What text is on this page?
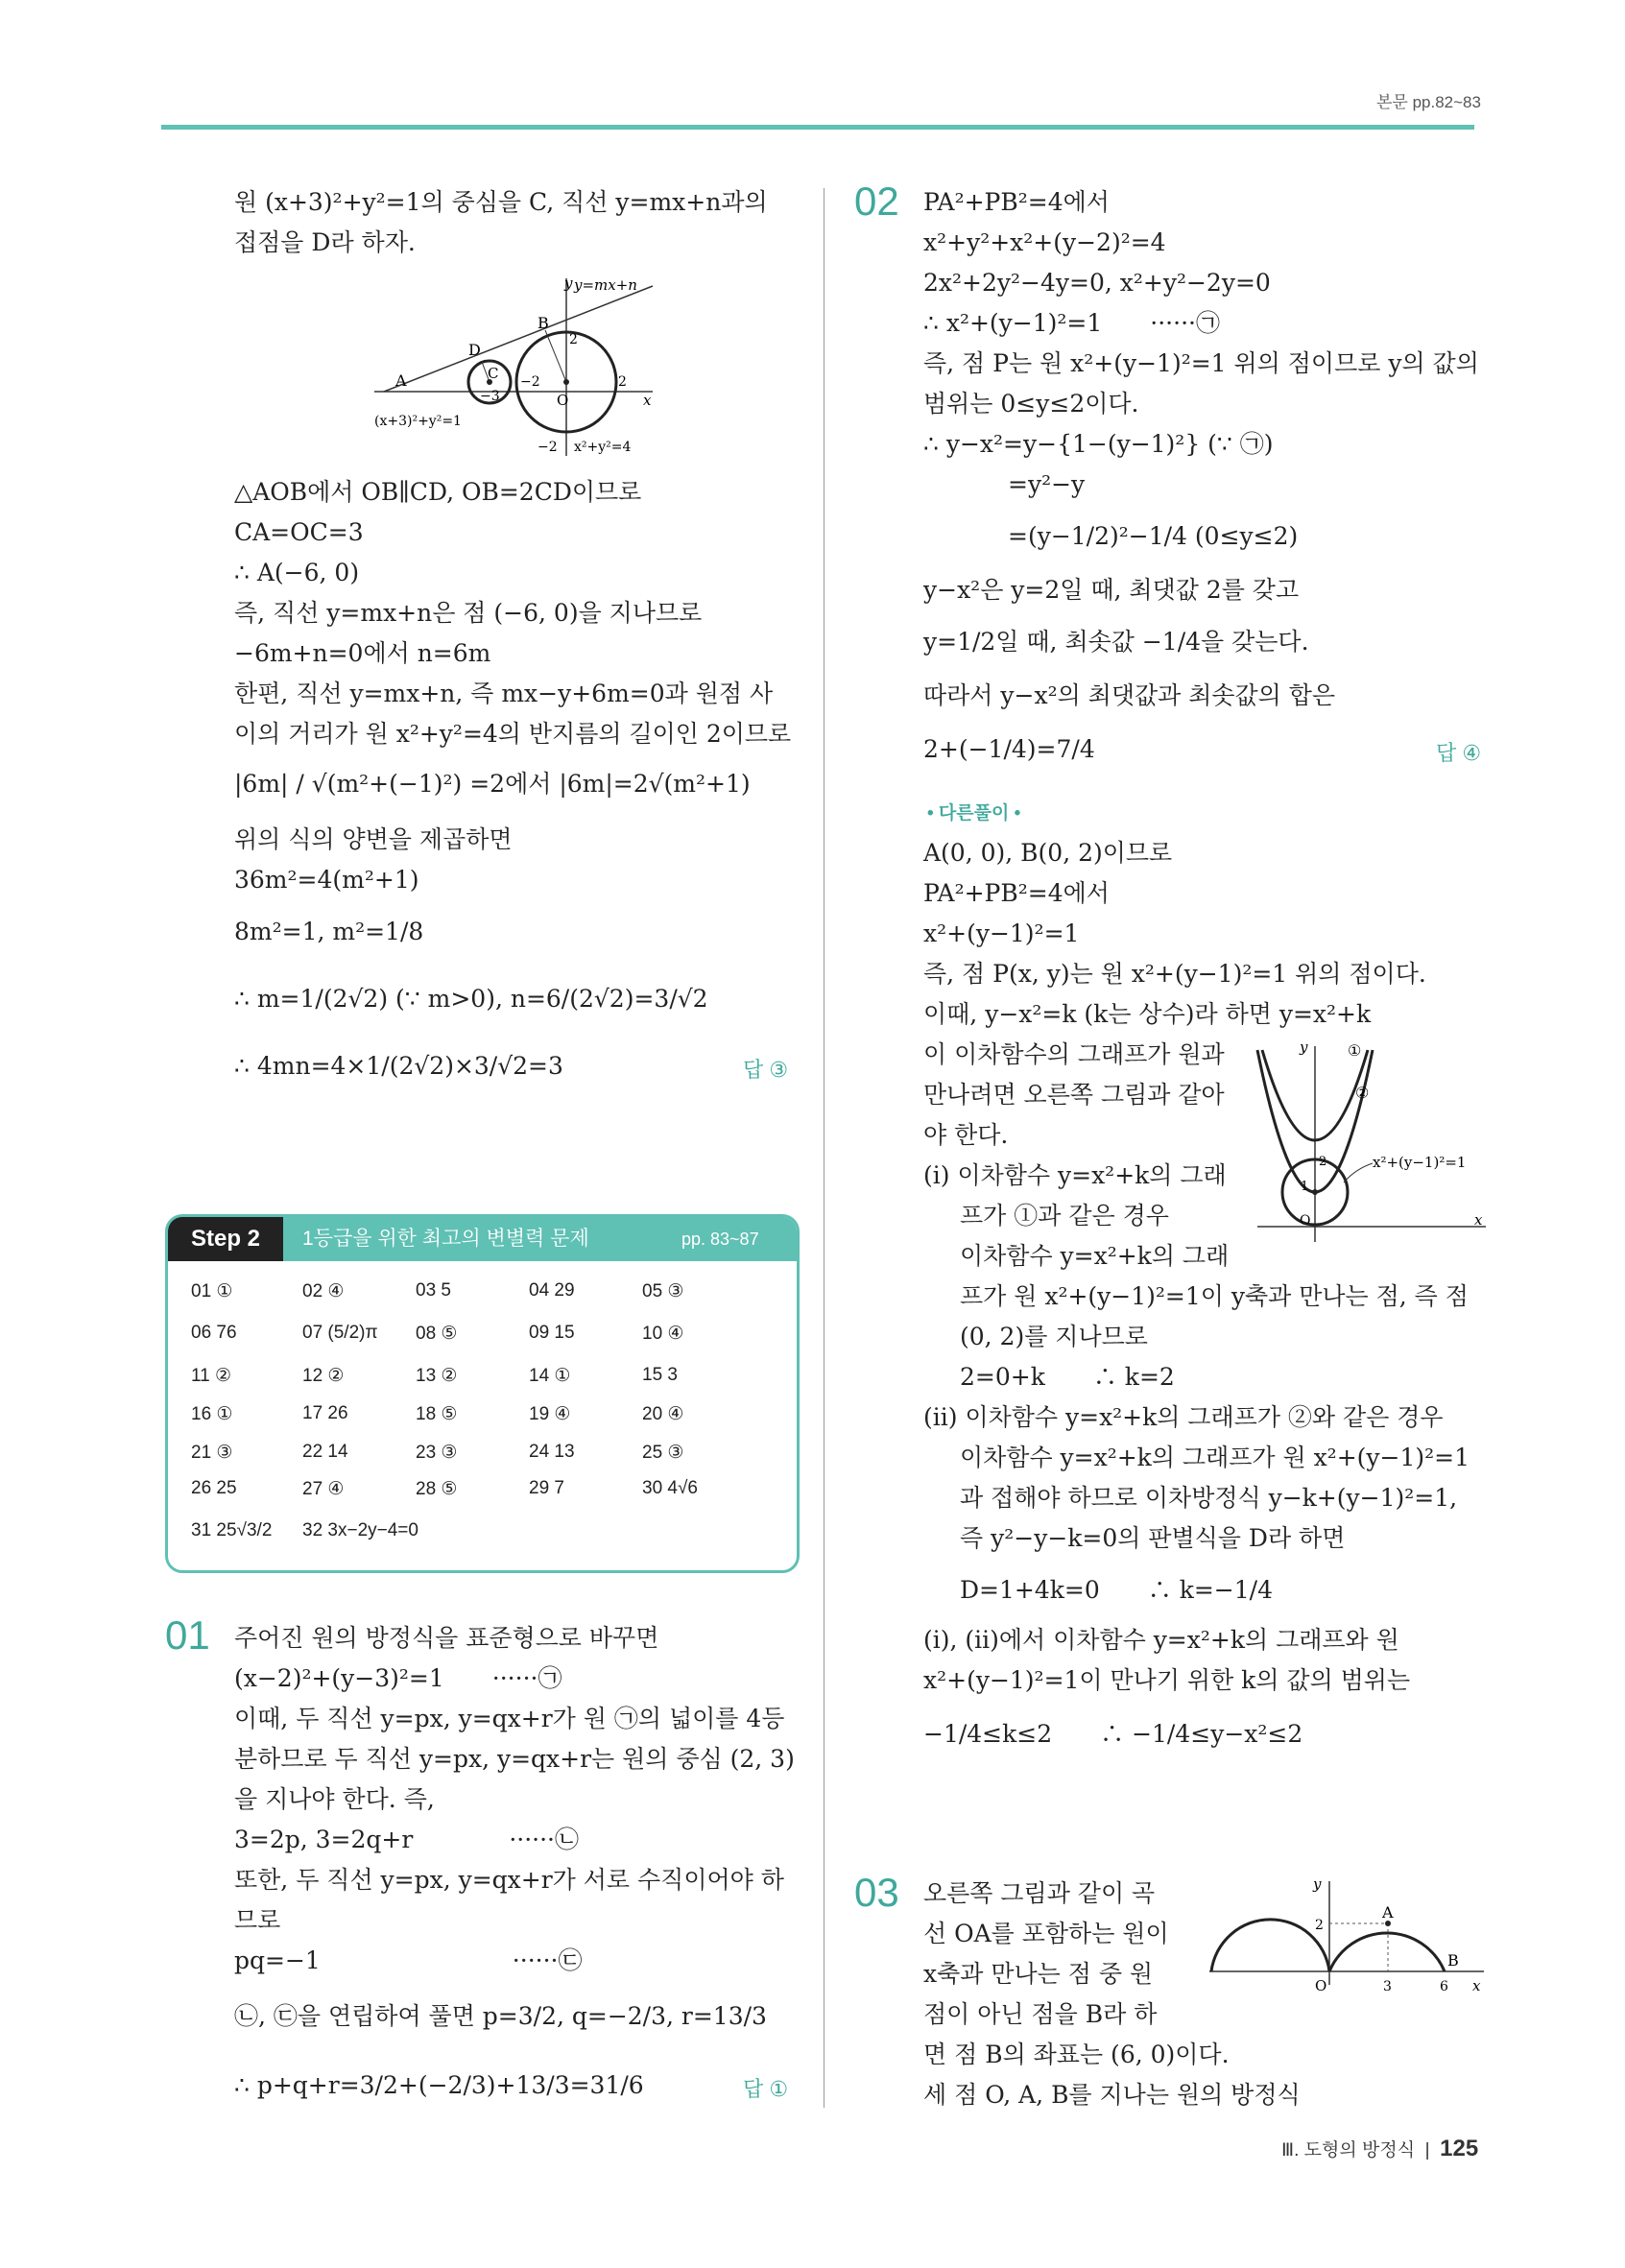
본문 pp.82~83
원 (x+3)²+y²=1의 중심을 C, 직선 y=mx+n과의
접점을 D라 하자.
y y=mx+n
x
A
D
C
B
O
2
−2
−3
2
−2
(x+3)²+y²=1
x²+y²=4
△AOB에서 OB∥CD, OB=2CD이므로
CA=OC=3
∴ A(−6, 0)
즉, 직선 y=mx+n은 점 (−6, 0)을 지나므로
−6m+n=0에서 n=6m
한편, 직선 y=mx+n, 즉 mx−y+6m=0과 원점 사
이의 거리가 원 x²+y²=4의 반지름의 길이인 2이므로
|6m| / √(m²+(−1)²) =2에서 |6m|=2√(m²+1)
위의 식의 양변을 제곱하면
36m²=4(m²+1)
8m²=1, m²=1/8
∴ m=1/(2√2) (∵ m>0), n=6/(2√2)=3/√2
∴ 4mn=4×1/(2√2)×3/√2=3	답 ③
Step 2	1등급을 위한 최고의 변별력 문제	pp. 83~87
01 ①	02 ④	03 5	04 29	05 ③
06 76	07 (5/2)π 08 ⑤	09 15	10 ④
11 ②	12 ②	13 ②	14 ①	15 3
16 ①	17 26	18 ⑤	19 ④	20 ④
21 ③	22 14	23 ③	24 13	25 ③
26 25	27 ④	28 ⑤	29 7	30 4√6
31 25√3/2 32 3x−2y−4=0
01 주어진 원의 방정식을 표준형으로 바꾸면
(x−2)²+(y−3)²=1　　······㉠
이때, 두 직선 y=px, y=qx+r가 원 ㉠의 넓이를 4등
분하므로 두 직선 y=px, y=qx+r는 원의 중심 (2, 3)
을 지나야 한다. 즉,
3=2p, 3=2q+r　　　　······㉡
또한, 두 직선 y=px, y=qx+r가 서로 수직이어야 하
므로
pq=−1　　　　　　　　······㉢
㉡, ㉢을 연립하여 풀면 p=3/2, q=−2/3, r=13/3
∴ p+q+r=3/2+(−2/3)+13/3=31/6	답 ①
02 PA²+PB²=4에서
x²+y²+x²+(y−2)²=4
2x²+2y²−4y=0, x²+y²−2y=0
∴ x²+(y−1)²=1　　······㉠
즉, 점 P는 원 x²+(y−1)²=1 위의 점이므로 y의 값의
범위는 0≤y≤2이다.
∴ y−x²=y−{1−(y−1)²} (∵ ㉠)
=y²−y
=(y−1/2)²−1/4 (0≤y≤2)
y−x²은 y=2일 때, 최댓값 2를 갖고
y=1/2일 때, 최솟값 −1/4을 갖는다.
따라서 y−x²의 최댓값과 최솟값의 합은
2+(−1/4)=7/4	답 ④
• 다른풀이 •
A(0, 0), B(0, 2)이므로
PA²+PB²=4에서
x²+(y−1)²=1
즉, 점 P(x, y)는 원 x²+(y−1)²=1 위의 점이다.
이때, y−x²=k (k는 상수)라 하면 y=x²+k
이 이차함수의 그래프가 원과
만나려면 오른쪽 그림과 같아
야 한다.
(ⅰ) 이차함수 y=x²+k의 그래
프가 ①과 같은 경우
이차함수 y=x²+k의 그래
프가 원 x²+(y−1)²=1이 y축과 만나는 점, 즉 점
(0, 2)를 지나므로
2=0+k　　∴ k=2
(ⅱ) 이차함수 y=x²+k의 그래프가 ②와 같은 경우
이차함수 y=x²+k의 그래프가 원 x²+(y−1)²=1
과 접해야 하므로 이차방정식 y−k+(y−1)²=1,
즉 y²−y−k=0의 판별식을 D라 하면
D=1+4k=0　　∴ k=−1/4
(ⅰ), (ⅱ)에서 이차함수 y=x²+k의 그래프와 원
x²+(y−1)²=1이 만나기 위한 k의 값의 범위는
−1/4≤k≤2　　∴ −1/4≤y−x²≤2
y
x
①
②
x²+(y−1)²=1
2
1
O
03 오른쪽 그림과 같이 곡
선 OA를 포함하는 원이
x축과 만나는 점 중 원
점이 아닌 점을 B라 하
면 점 B의 좌표는 (6, 0)이다.
세 점 O, A, B를 지나는 원의 방정식
y
x
A
B
O
2
3	6
Ⅲ. 도형의 방정식  |  125
